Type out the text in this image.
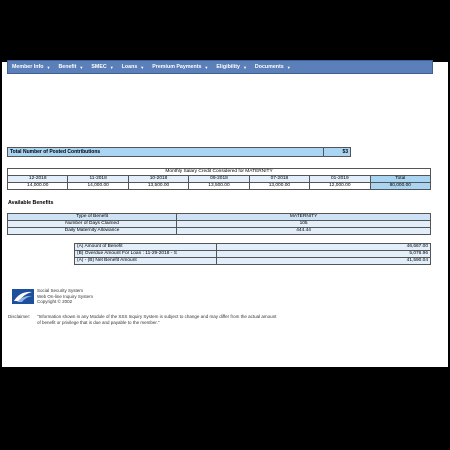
Member Info ▼ Benefit ▼ SMEC ▼ Loans ▼ Premium Payments ▼ Eligibility ▼ Documents ▼
Total Number of Posted Contributions	53
Monthly Salary Credit Considered for MATERNITY						
12-2018	11-2018	10-2018	09-2018	07-2018	01-2019	Total
14,000.00	14,000.00	13,500.00	13,500.00	13,000.00	12,000.00	80,000.00
Available Benefits
Type of Benefit	MATERNITY
Number of Days Claimed	105
Daily Maternity Allowance	444.44
(A) Amount of Benefit	46,667.00
(B) Overdue Amount For Loan : 11-29-2018 - S	5,076.96
(A) - (B) Net Benefit Amount	41,590.04
Social Security System
Web On-line Inquiry System
Copyright © 2002
Disclaimer: "Information shown in any Module of the SSS Inquiry System is subject to change and may differ from the actual amount of benefit or privilege that is due and payable to the member."
